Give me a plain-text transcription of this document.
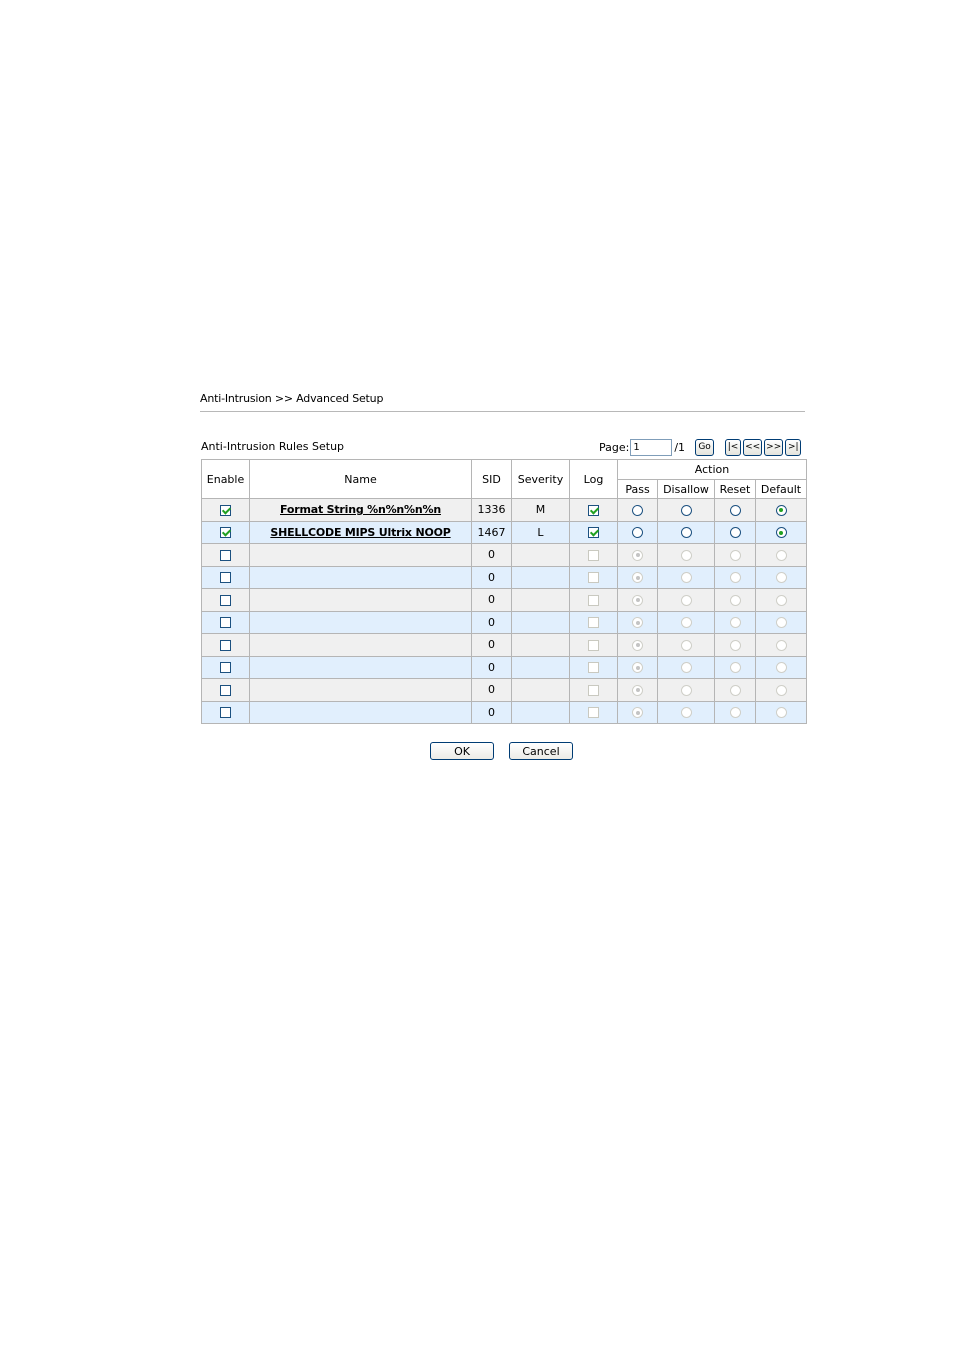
Anti-Intrusion >> Advanced Setup
Anti-Intrusion Rules Setup	Page:
1	/1	Go	|< << >> >|
Enable	Name	SID	Severity	Log	Action			
					Pass	Disallow	Reset	Default
	Format String %n%n%n%n	1336	M					
	SHELLCODE MIPS Ultrix NOOP	1467	L					
		0						
		0						
		0						
		0						
		0						
		0						
		0						
		0						
OK	Cancel
